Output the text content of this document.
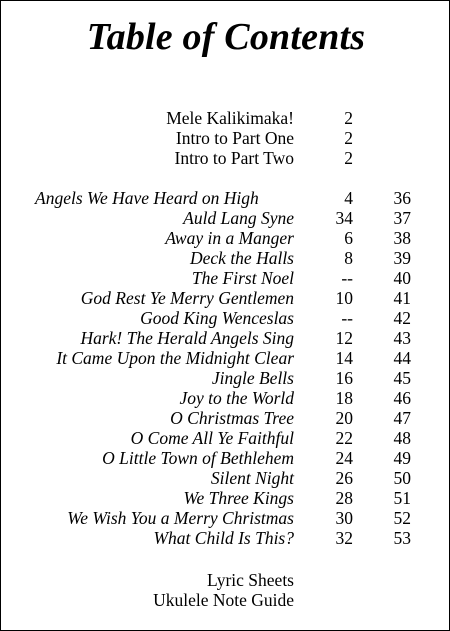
Table of Contents
Mele Kalikimaka!	2
Intro to Part One	2
Intro to Part Two	2
Angels We Have Heard on High	4 36
Auld Lang Syne 34 37
Away in a Manger	6 38
Deck the Halls	8 39
The First Noel	-- 40
God Rest Ye Merry Gentlemen 10 41
Good King Wenceslas	-- 42
Hark! The Herald Angels Sing 12 43
It Came Upon the Midnight Clear 14 44
Jingle Bells 16 45
Joy to the World 18 46
O Christmas Tree 20 47
O Come All Ye Faithful 22 48
O Little Town of Bethlehem 24 49
Silent Night 26 50
We Three Kings 28 51
We Wish You a Merry Christmas 30 52
What Child Is This? 32 53
Lyric Sheets
Ukulele Note Guide
